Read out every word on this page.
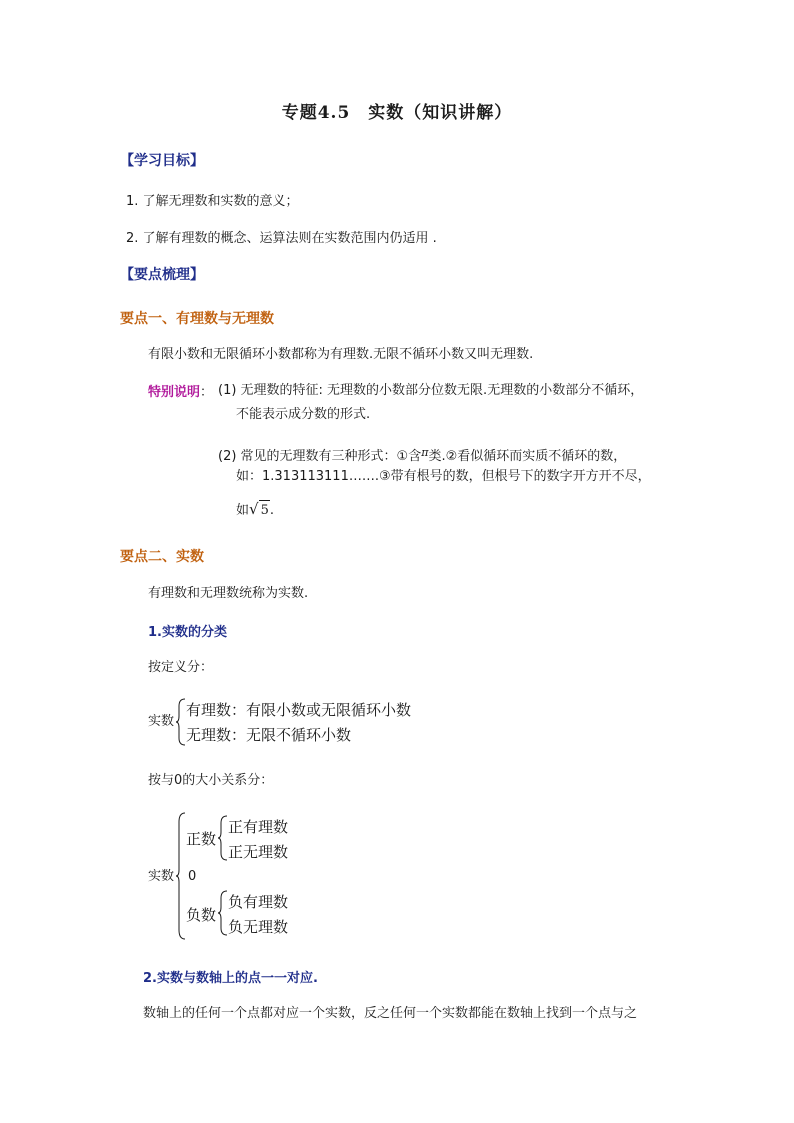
专题4.5　实数（知识讲解）
【学习目标】
1. 了解无理数和实数的意义；
2. 了解有理数的概念、运算法则在实数范围内仍适用 .
【要点梳理】
要点一、有理数与无理数
有限小数和无限循环小数都称为有理数.无限不循环小数又叫无理数.
特别说明： (1) 无理数的特征: 无理数的小数部分位数无限.无理数的小数部分不循环，
不能表示成分数的形式.
(2) 常见的无理数有三种形式：①含$^\pi$类.②看似循环而实质不循环的数，
如：1.313113111…….③带有根号的数，但根号下的数字开方开不尽，
如√ 5.
要点二、实数
有理数和无理数统称为实数.
1.实数的分类
按定义分：
实数
有理数：有限小数或无限循环小数
无理数：无限不循环小数
按与0的大小关系分：
实数
正数
正有理数
正无理数
0
负数
负有理数
负无理数
2.实数与数轴上的点一一对应.
数轴上的任何一个点都对应一个实数，反之任何一个实数都能在数轴上找到一个点与之
